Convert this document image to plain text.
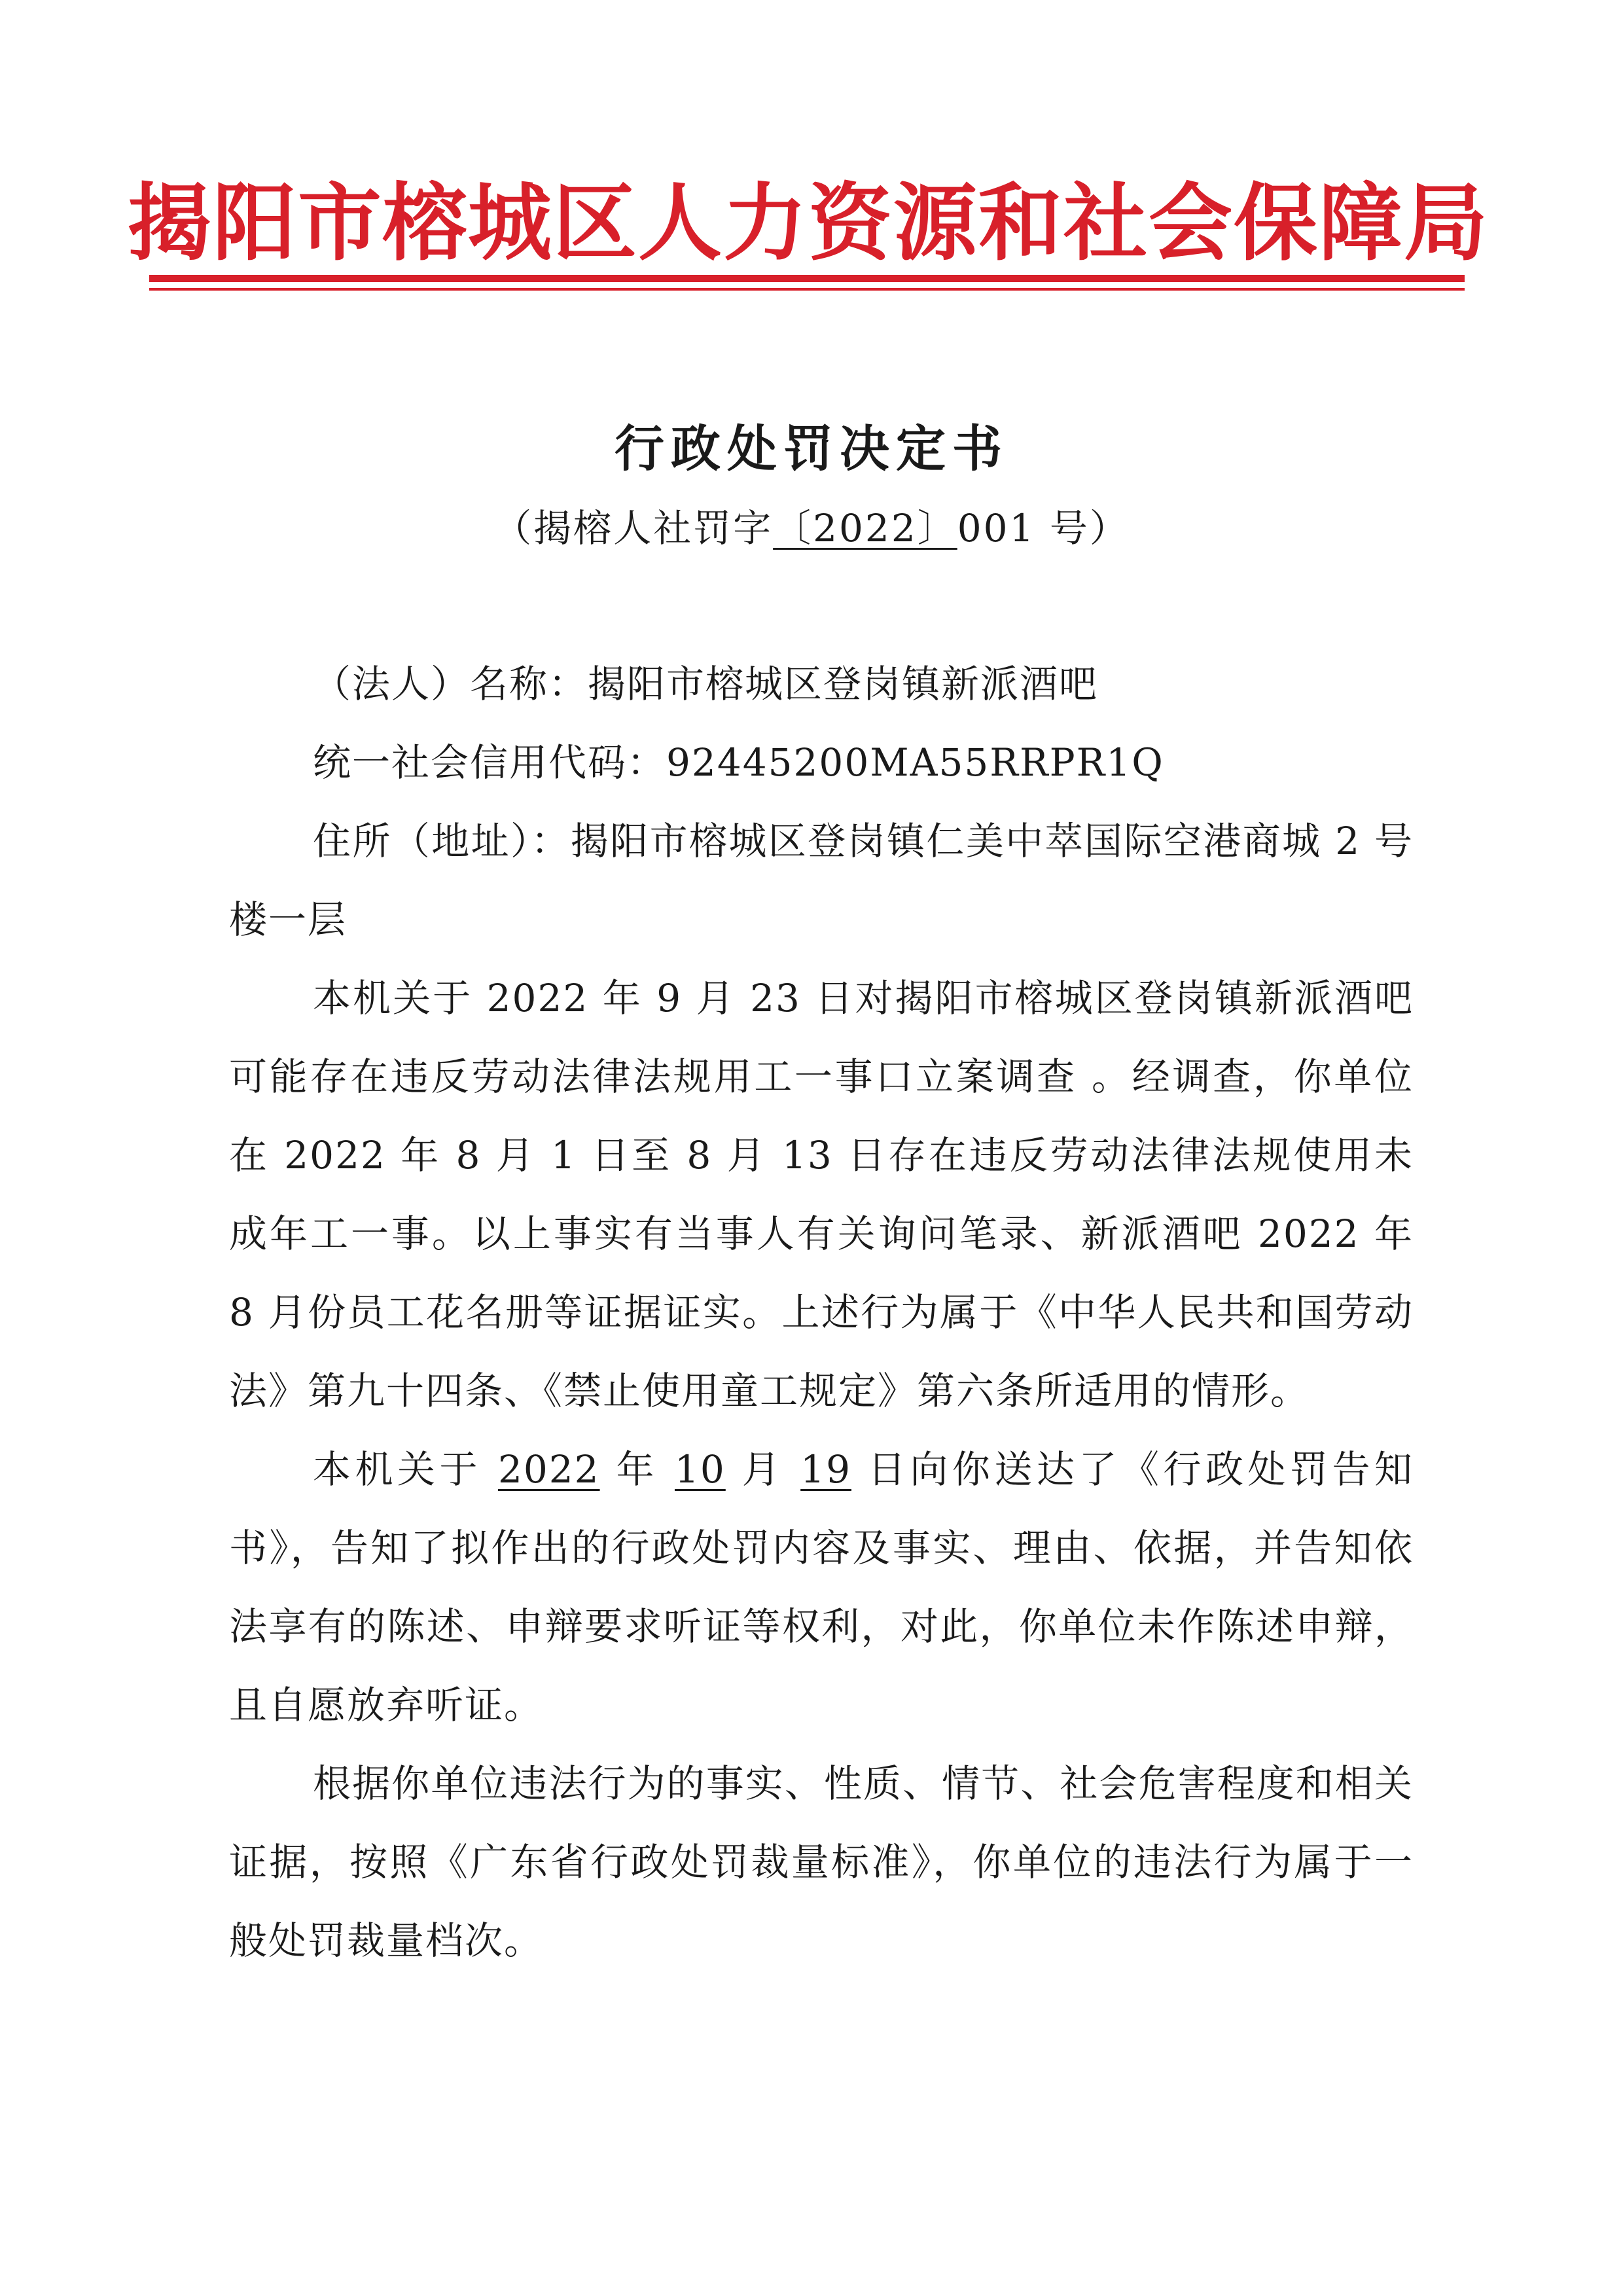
揭阳市榕城区人力资源和社会保障局
行政处罚决定书
（揭榕人社罚字〔2022〕001 号）

（法人）名称：揭阳市榕城区登岗镇新派酒吧

统一社会信用代码：92445200MA55RRPR1Q

住所（地址）：揭阳市榕城区登岗镇仁美中萃国际空港商城 2 号楼一层

本机关于 2022 年 9 月 23 日对揭阳市榕城区登岗镇新派酒吧可能存在违反劳动法律法规用工一事口立案调查 。经调查，你单位在 2022 年 8 月 1 日至 8 月 13 日存在违反劳动法律法规使用未成年工一事。以上事实有当事人有关询问笔录、新派酒吧 2022 年 8 月份员工花名册等证据证实。上述行为属于《中华人民共和国劳动法》第九十四条、《禁止使用童工规定》第六条所适用的情形。

本机关于 2022 年 10 月 19 日向你送达了《行政处罚告知书》，告知了拟作出的行政处罚内容及事实、理由、依据，并告知依法享有的陈述、申辩要求听证等权利，对此，你单位未作陈述申辩，且自愿放弃听证。

根据你单位违法行为的事实、性质、情节、社会危害程度和相关证据，按照《广东省行政处罚裁量标准》，你单位的违法行为属于一般处罚裁量档次。
